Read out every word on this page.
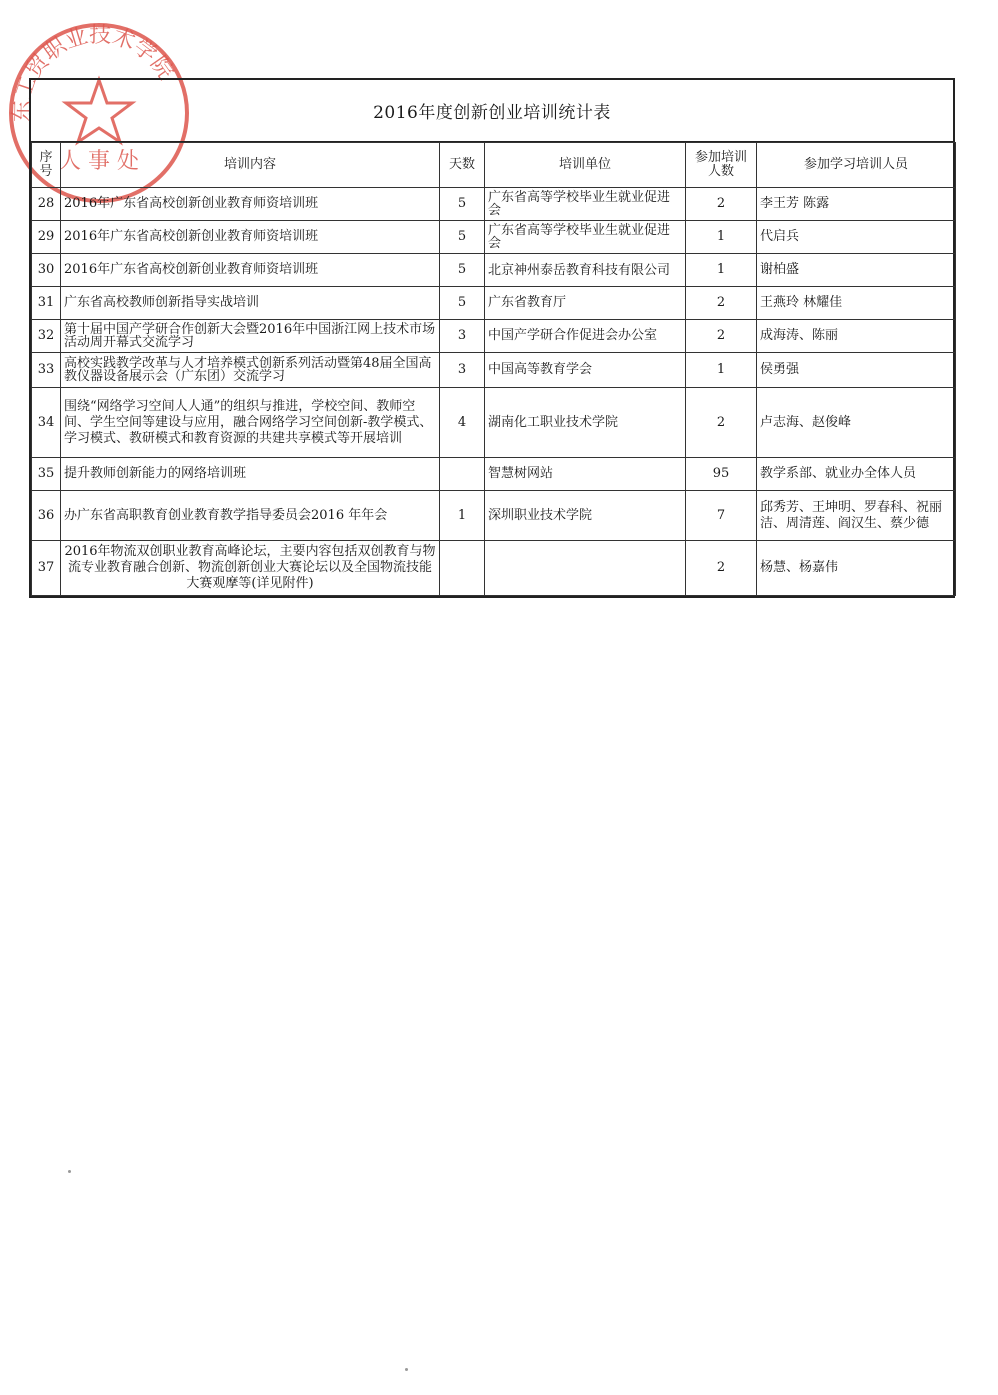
东工贸职业技术学院
人 事 处
2016年度创新创业培训统计表
序号	培训内容	天数	培训单位	参加培训人数	参加学习培训人员
28	2016年广东省高校创新创业教育师资培训班	5	广东省高等学校毕业生就业促进会	2	李王芳 陈露
29	2016年广东省高校创新创业教育师资培训班	5	广东省高等学校毕业生就业促进会	1	代启兵
30	2016年广东省高校创新创业教育师资培训班	5	北京神州泰岳教育科技有限公司	1	谢柏盛
31	广东省高校教师创新指导实战培训	5	广东省教育厅	2	王燕玲 林耀佳
32	第十届中国产学研合作创新大会暨2016年中国浙江网上技术市场活动周开幕式交流学习	3	中国产学研合作促进会办公室	2	成海涛、陈丽
33	高校实践教学改革与人才培养模式创新系列活动暨第48届全国高教仪器设备展示会（广东团）交流学习	3	中国高等教育学会	1	侯勇强
34	围绕“网络学习空间人人通”的组织与推进，学校空间、教师空间、学生空间等建设与应用，融合网络学习空间创新-教学模式、学习模式、教研模式和教育资源的共建共享模式等开展培训	4	湖南化工职业技术学院	2	卢志海、赵俊峰
35	提升教师创新能力的网络培训班		智慧树网站	95	教学系部、就业办全体人员
36	办广东省高职教育创业教育教学指导委员会2016 年年会	1	深圳职业技术学院	7	邱秀芳、王坤明、罗春科、祝丽洁、周清莲、阎汉生、蔡少德
37	2016年物流双创职业教育高峰论坛，主要内容包括双创教育与物流专业教育融合创新、物流创新创业大赛论坛以及全国物流技能大赛观摩等(详见附件)			2	杨慧、杨嘉伟
